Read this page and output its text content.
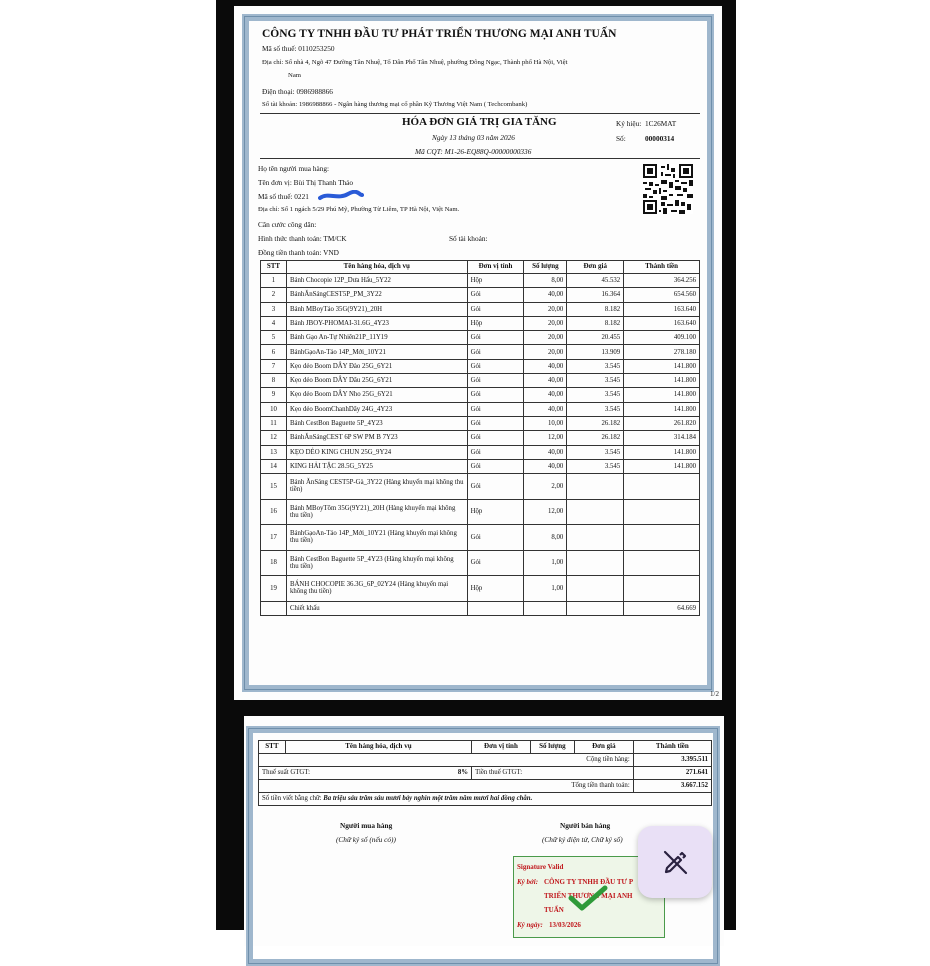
CÔNG TY TNHH ĐẦU TƯ PHÁT TRIỂN THƯƠNG MẠI ANH TUẤN
Mã số thuế: 0110253250
Địa chỉ: Số nhà 4, Ngõ 47 Đường Tân Nhuệ, Tổ Dân Phố Tân Nhuệ, phường Đông Ngạc, Thành phố Hà Nội, Việt
Nam
Điện thoại: 0986988866
Số tài khoản: 1986988866 - Ngân hàng thương mại cổ phần Kỹ Thương Việt Nam ( Techcombank)
HÓA ĐƠN GIÁ TRỊ GIA TĂNG
Ngày 13 tháng 03 năm 2026
Mã CQT: M1-26-EQ88Q-00000000336
Ký hiệu: 1C26MAT
Số:	00000314
Họ tên người mua hàng:
Tên đơn vị: Bùi Thị Thanh Thảo
Mã số thuế: 0221
Địa chỉ: Số 1 ngách 5/29 Phú Mỹ, Phường Từ Liêm, TP Hà Nội, Việt Nam.
Căn cước công dân:
Hình thức thanh toán: TM/CK	Số tài khoản:
Đồng tiền thanh toán: VND
STT	Tên hàng hóa, dịch vụ	Đơn vị tính	Số lượng	Đơn giá	Thành tiền
1	Bánh Chocopie 12P_Dưa Hấu_5Y22	Hộp	8,00	45.532	364.256
2	BánhĂnSángCEST5P_PM_3Y22	Gói	40,00	16.364	654.560
3	Bánh MBoyTảo 35G(9Y21)_20H	Gói	20,00	8.182	163.640
4	Bánh JBOY-PHOMAI-31.6G_4Y23	Hộp	20,00	8.182	163.640
5	Bánh Gạo An-Tự Nhiên21P_11Y19	Gói	20,00	20.455	409.100
6	BánhGạoAn-Tảo 14P_Mới_10Y21	Gói	20,00	13.909	278.180
7	Kẹo dẻo Boom DÂY Đào 25G_6Y21	Gói	40,00	3.545	141.800
8	Kẹo dẻo Boom DÂY Dâu 25G_6Y21	Gói	40,00	3.545	141.800
9	Kẹo dẻo Boom DÂY Nho 25G_6Y21	Gói	40,00	3.545	141.800
10	Kẹo dẻo BoomChanhDây 24G_4Y23	Gói	40,00	3.545	141.800
11	Bánh CestBon Baguette 5P_4Y23	Gói	10,00	26.182	261.820
12	BánhĂnSángCEST 6P SW PM B 7Y23	Gói	12,00	26.182	314.184
13	KẸO DẺO KING CHUN 25G_9Y24	Gói	40,00	3.545	141.800
14	KING HẢI TẶC 28.5G_5Y25	Gói	40,00	3.545	141.800
15	Bánh ĂnSáng CEST5P-Gà_3Y22 (Hàng khuyến mại không thu tiền)	Gói	2,00		
16	Bánh MBoyTôm 35G(9Y21)_20H (Hàng khuyến mại không thu tiền)	Hộp	12,00		
17	BánhGạoAn-Tảo 14P_Mới_10Y21 (Hàng khuyến mại không thu tiền)	Gói	8,00		
18	Bánh CestBon Baguette 5P_4Y23 (Hàng khuyến mại không thu tiền)	Gói	1,00		
19	BÁNH CHOCOPIE 36.3G_6P_02Y24 (Hàng khuyến mại không thu tiền)	Hộp	1,00		
	Chiết khấu				64.669
1/2
STT	Tên hàng hóa, dịch vụ	Đơn vị tính	Số lượng	Đơn giá	Thành tiền
Cộng tiền hàng:					3.395.511
Thuế suất GTGT: 8%		Tiền thuế GTGT:			271.641
Tổng tiền thanh toán:					3.667.152
Số tiền viết bằng chữ: Ba triệu sáu trăm sáu mươi bảy nghìn một trăm năm mươi hai đồng chẵn.					
Người mua hàng
(Chữ ký số (nếu có))
Người bán hàng
(Chữ ký điện tử, Chữ ký số)
Signature Valid
Ký bởi: CÔNG TY TNHH ĐẦU TƯ P
TRIỂN THƯƠNG MẠI ANH
TUẤN
Ký ngày: 13/03/2026
